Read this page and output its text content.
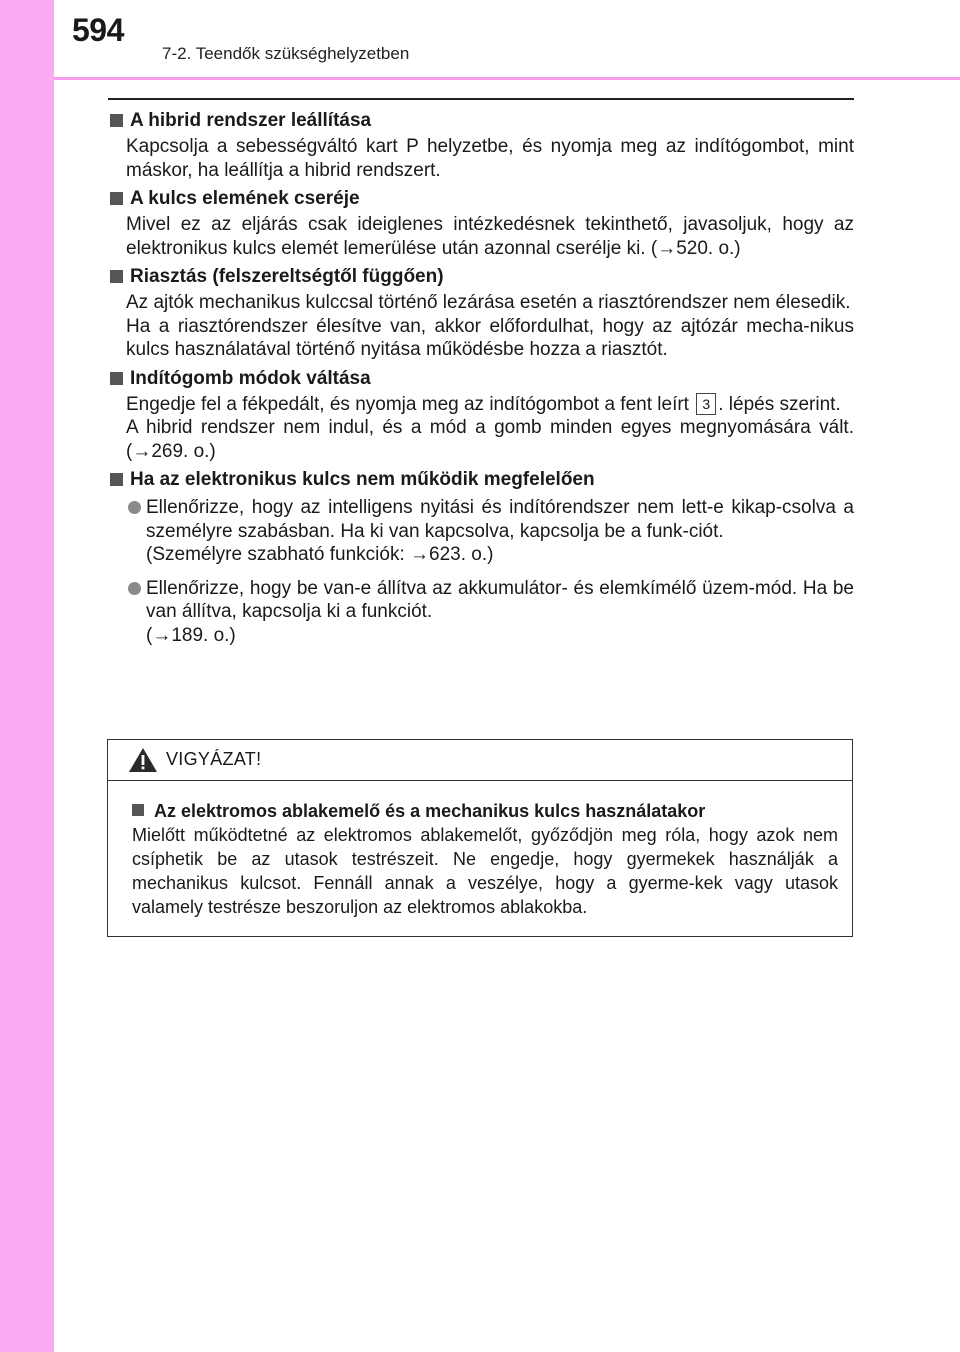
594
7-2. Teendők szükséghelyzetben
A hibrid rendszer leállítása
Kapcsolja a sebességváltó kart P helyzetbe, és nyomja meg az indítógombot, mint máskor, ha leállítja a hibrid rendszert.
A kulcs elemének cseréje
Mivel ez az eljárás csak ideiglenes intézkedésnek tekinthető, javasoljuk, hogy az elektronikus kulcs elemét lemerülése után azonnal cserélje ki. (→520. o.)
Riasztás (felszereltségtől függően)
Az ajtók mechanikus kulccsal történő lezárása esetén a riasztórendszer nem élesedik.
Ha a riasztórendszer élesítve van, akkor előfordulhat, hogy az ajtózár mecha-nikus kulcs használatával történő nyitása működésbe hozza a riasztót.
Indítógomb módok váltása
Engedje fel a fékpedált, és nyomja meg az indítógombot a fent leírt 3 . lépés szerint.
A hibrid rendszer nem indul, és a mód a gomb minden egyes megnyomására vált. (→269. o.)
Ha az elektronikus kulcs nem működik megfelelően
Ellenőrizze, hogy az intelligens nyitási és indítórendszer nem lett-e kikap-csolva a személyre szabásban. Ha ki van kapcsolva, kapcsolja be a funk-ciót.
(Személyre szabható funkciók: →623. o.)
Ellenőrizze, hogy be van-e állítva az akkumulátor- és elemkímélő üzem-mód. Ha be van állítva, kapcsolja ki a funkciót.
(→189. o.)
VIGYÁZAT!
Az elektromos ablakemelő és a mechanikus kulcs használatakor
Mielőtt működtetné az elektromos ablakemelőt, győződjön meg róla, hogy azok nem csíphetik be az utasok testrészeit. Ne engedje, hogy gyermekek használják a mechanikus kulcsot. Fennáll annak a veszélye, hogy a gyerme-kek vagy utasok valamely testrésze beszoruljon az elektromos ablakokba.
